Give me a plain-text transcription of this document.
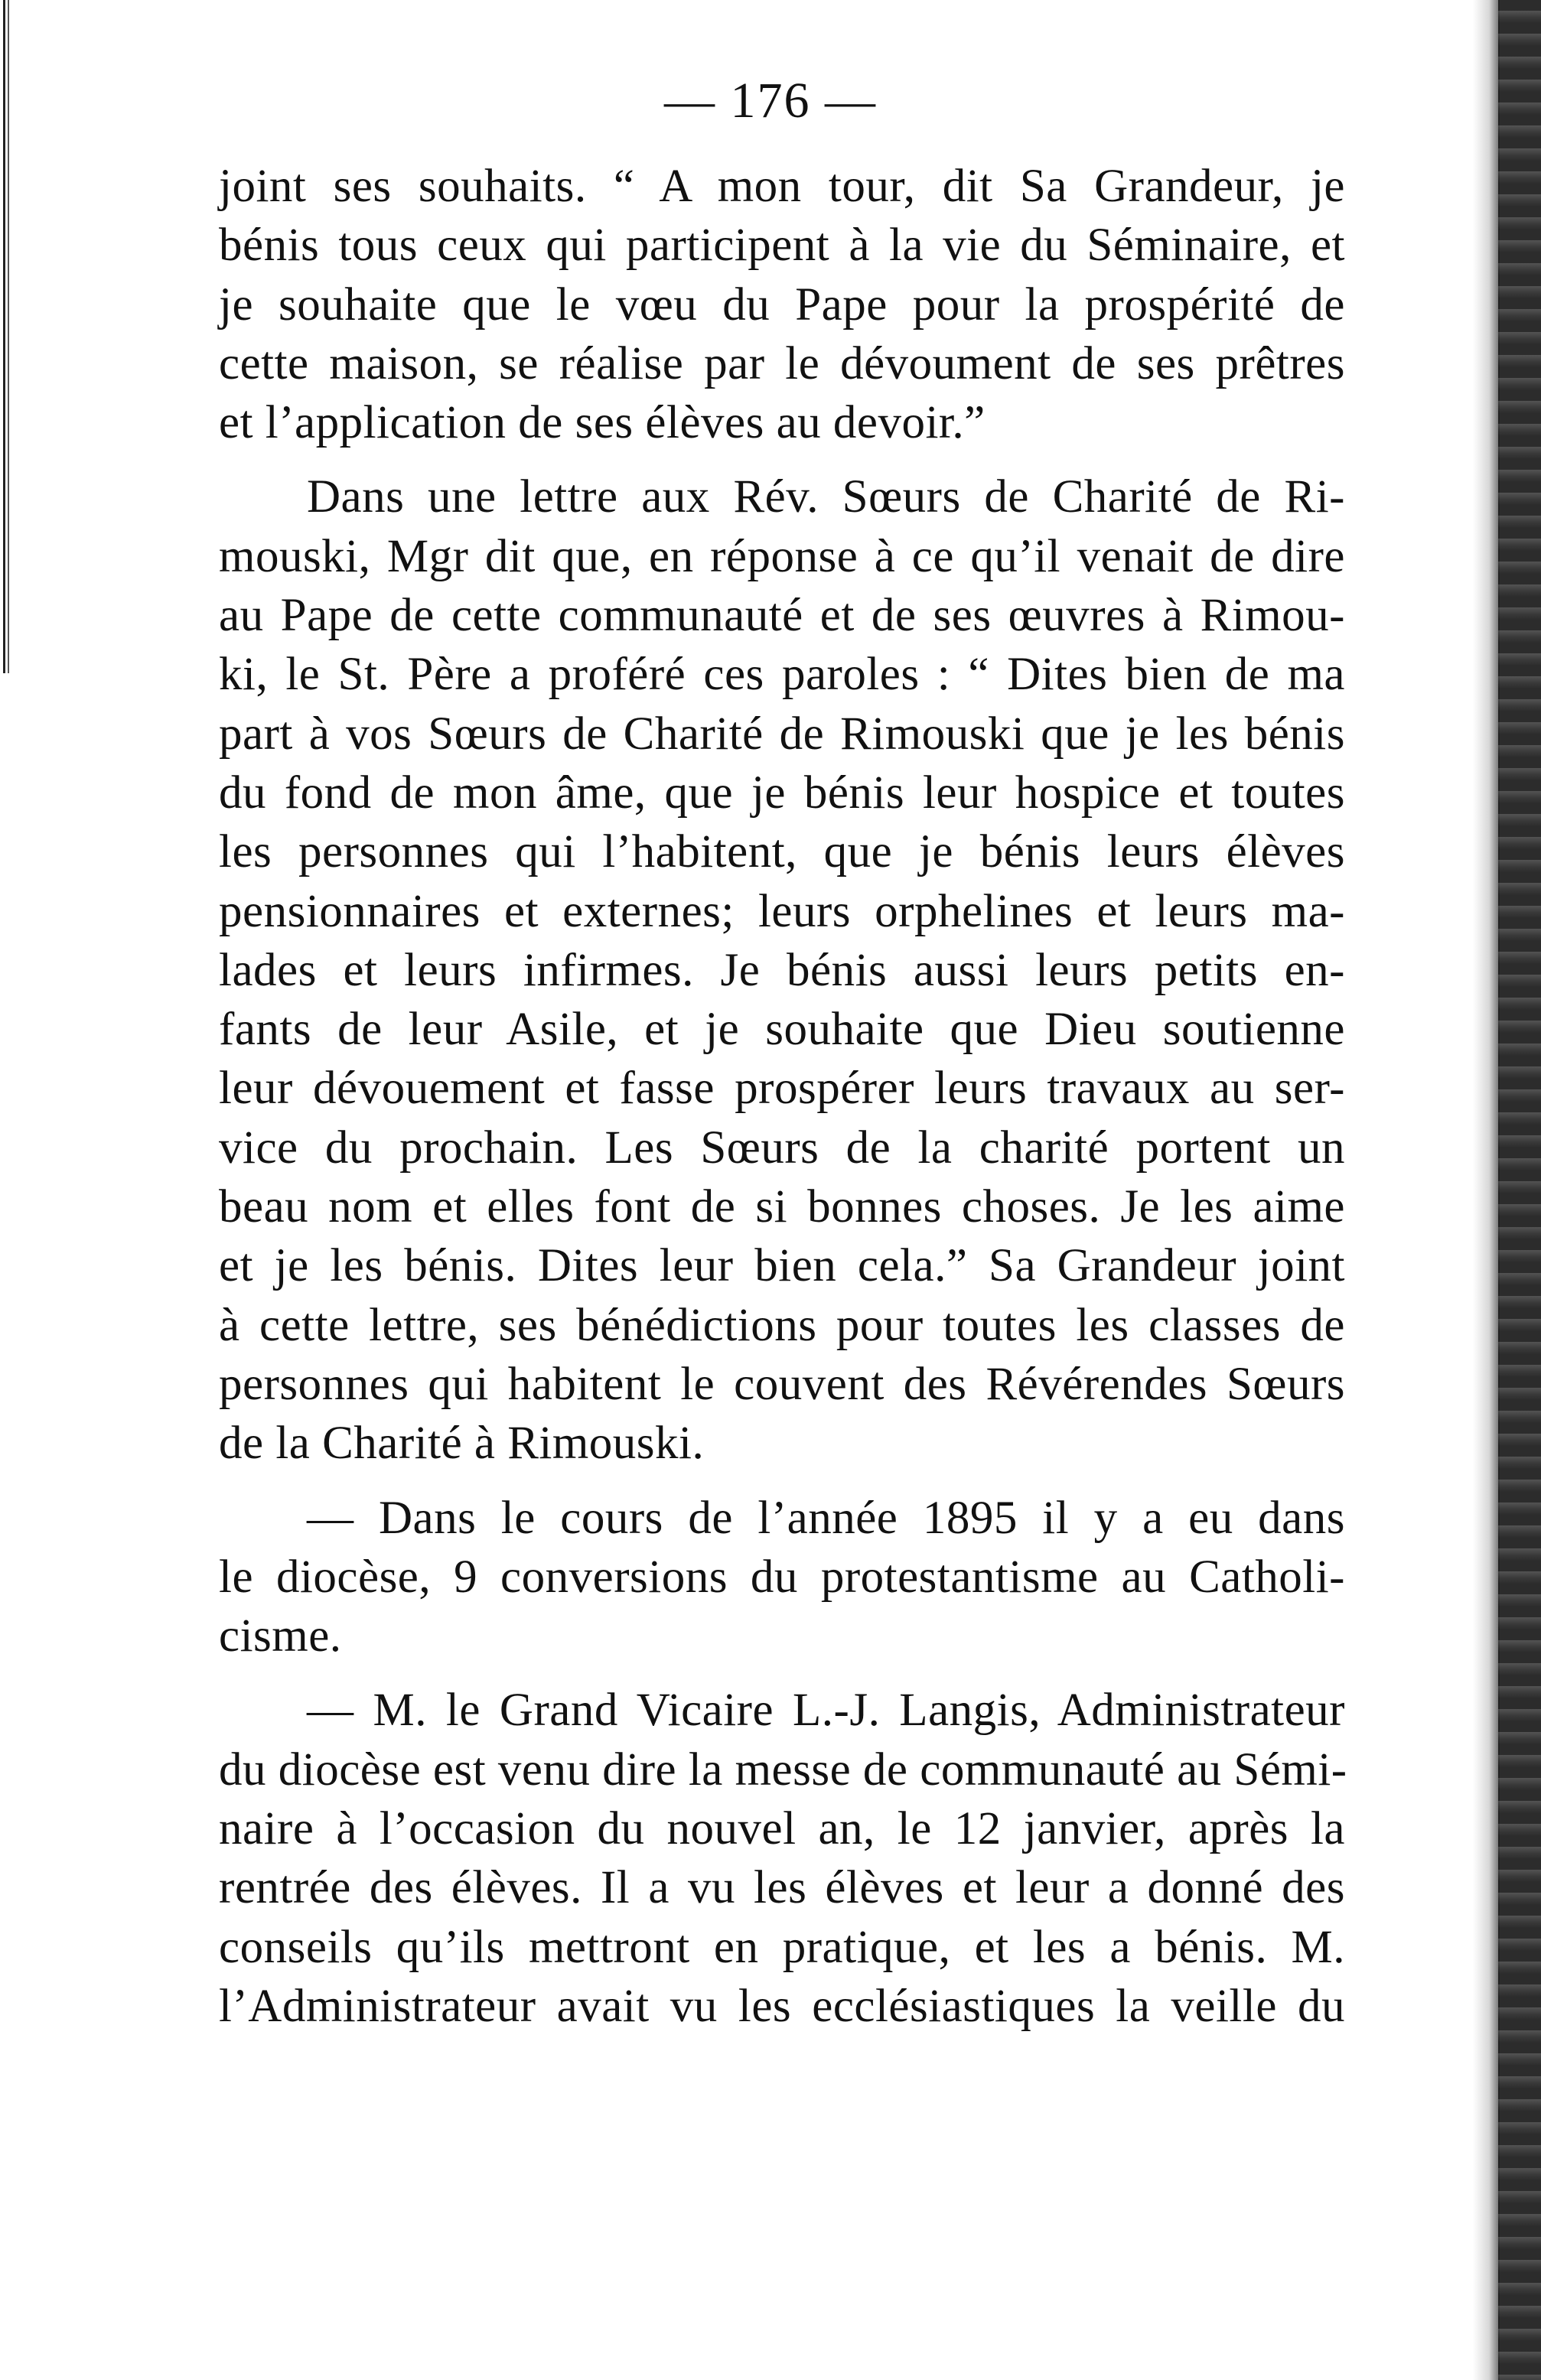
— 176 —
joint ses souhaits. “ A mon tour, dit Sa Grandeur, je
bénis tous ceux qui participent à la vie du Séminaire, et
je souhaite que le vœu du Pape pour la prospérité de
cette maison, se réalise par le dévoument de ses prêtres
et l’application de ses élèves au devoir.”
Dans une lettre aux Rév. Sœurs de Charité de Ri-
mouski, Mgr dit que, en réponse à ce qu’il venait de dire
au Pape de cette communauté et de ses œuvres à Rimou-
ki, le St. Père a proféré ces paroles : “ Dites bien de ma
part à vos Sœurs de Charité de Rimouski que je les bénis
du fond de mon âme, que je bénis leur hospice et toutes
les personnes qui l’habitent, que je bénis leurs élèves
pensionnaires et externes; leurs orphelines et leurs ma-
lades et leurs infirmes. Je bénis aussi leurs petits en-
fants de leur Asile, et je souhaite que Dieu soutienne
leur dévouement et fasse prospérer leurs travaux au ser-
vice du prochain. Les Sœurs de la charité portent un
beau nom et elles font de si bonnes choses. Je les aime
et je les bénis. Dites leur bien cela.” Sa Grandeur joint
à cette lettre, ses bénédictions pour toutes les classes de
personnes qui habitent le couvent des Révérendes Sœurs
de la Charité à Rimouski.
— Dans le cours de l’année 1895 il y a eu dans
le diocèse, 9 conversions du protestantisme au Catholi-
cisme.
— M. le Grand Vicaire L.-J. Langis, Administrateur
du diocèse est venu dire la messe de communauté au Sémi-
naire à l’occasion du nouvel an, le 12 janvier, après la
rentrée des élèves. Il a vu les élèves et leur a donné des
conseils qu’ils mettront en pratique, et les a bénis. M.
l’Administrateur avait vu les ecclésiastiques la veille du
